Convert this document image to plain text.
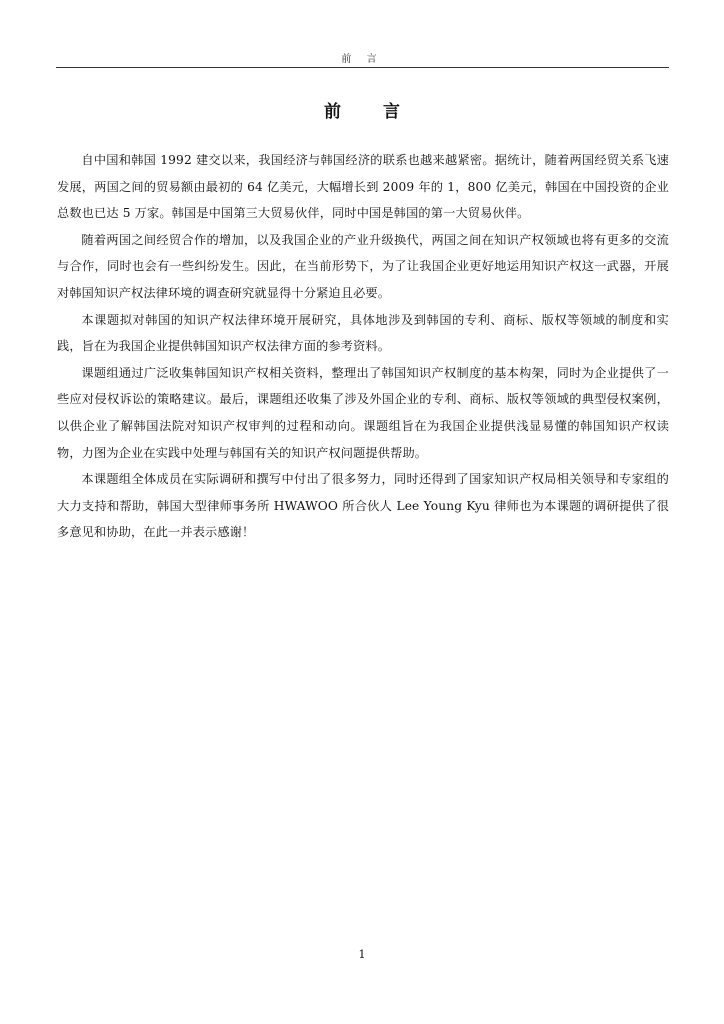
前 言
前 言

自中国和韩国 1992 建交以来，我国经济与韩国经济的联系也越来越紧密。据统计，随着两国经贸关系飞速发展，两国之间的贸易额由最初的 64 亿美元，大幅增长到 2009 年的 1，800 亿美元，韩国在中国投资的企业总数也已达 5 万家。韩国是中国第三大贸易伙伴，同时中国是韩国的第一大贸易伙伴。

随着两国之间经贸合作的增加，以及我国企业的产业升级换代，两国之间在知识产权领域也将有更多的交流与合作，同时也会有一些纠纷发生。因此，在当前形势下，为了让我国企业更好地运用知识产权这一武器，开展对韩国知识产权法律环境的调查研究就显得十分紧迫且必要。

本课题拟对韩国的知识产权法律环境开展研究，具体地涉及到韩国的专利、商标、版权等领域的制度和实践，旨在为我国企业提供韩国知识产权法律方面的参考资料。

课题组通过广泛收集韩国知识产权相关资料，整理出了韩国知识产权制度的基本构架，同时为企业提供了一些应对侵权诉讼的策略建议。最后，课题组还收集了涉及外国企业的专利、商标、版权等领域的典型侵权案例，以供企业了解韩国法院对知识产权审判的过程和动向。课题组旨在为我国企业提供浅显易懂的韩国知识产权读物，力图为企业在实践中处理与韩国有关的知识产权问题提供帮助。

本课题组全体成员在实际调研和撰写中付出了很多努力，同时还得到了国家知识产权局相关领导和专家组的大力支持和帮助，韩国大型律师事务所 HWAWOO 所合伙人 Lee Young Kyu 律师也为本课题的调研提供了很多意见和协助，在此一并表示感谢！

1
